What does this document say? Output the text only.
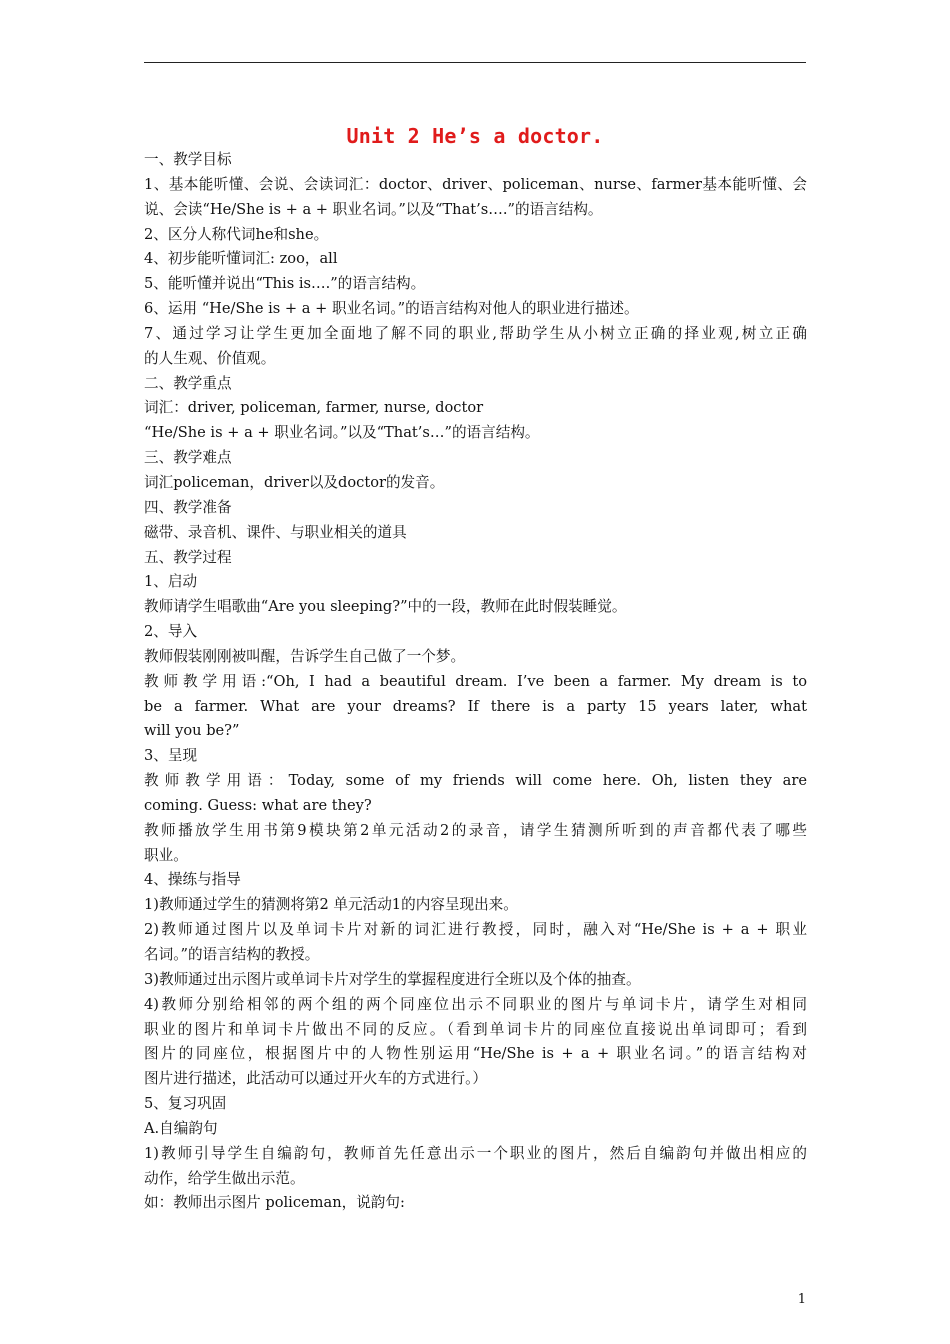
Unit 2 He’s a doctor.
一、教学目标
1、基本能听懂、会说、会读词汇：doctor、driver、policeman、nurse、farmer基本能听懂、会
说、会读“He/She is + a + 职业名词。”以及“That’s….”的语言结构。
2、区分人称代词he和she。
4、初步能听懂词汇: zoo，all
5、能听懂并说出“This is….”的语言结构。
6、运用 “He/She is + a + 职业名词。”的语言结构对他人的职业进行描述。
7、通过学习让学生更加全面地了解不同的职业,帮助学生从小树立正确的择业观,树立正确
的人生观、价值观。
二、教学重点
词汇：driver, policeman, farmer, nurse, doctor
“He/She is + a + 职业名词。”以及“That’s…”的语言结构。
三、教学难点
词汇policeman，driver以及doctor的发音。
四、教学准备
磁带、录音机、课件、与职业相关的道具
五、教学过程
1、启动
教师请学生唱歌曲“Are you sleeping?”中的一段，教师在此时假装睡觉。
2、导入
教师假装刚刚被叫醒，告诉学生自己做了一个梦。
教师教学用语:“Oh, I had a beautiful dream. I’ve been a farmer. My dream is to
be a farmer. What are your dreams? If there is a party 15 years later, what
will you be?”
3、呈现
教师教学用语：Today, some of my friends will come here. Oh, listen they are
coming. Guess: what are they?
教师播放学生用书第9模块第2单元活动2的录音，请学生猜测所听到的声音都代表了哪些
职业。
4、操练与指导
1)教师通过学生的猜测将第2 单元活动1的内容呈现出来。
2)教师通过图片以及单词卡片对新的词汇进行教授，同时，融入对“He/She is + a + 职业
名词。”的语言结构的教授。
3)教师通过出示图片或单词卡片对学生的掌握程度进行全班以及个体的抽查。
4)教师分别给相邻的两个组的两个同座位出示不同职业的图片与单词卡片，请学生对相同
职业的图片和单词卡片做出不同的反应。（看到单词卡片的同座位直接说出单词即可；看到
图片的同座位，根据图片中的人物性别运用“He/She is + a + 职业名词。”的语言结构对
图片进行描述，此活动可以通过开火车的方式进行。）
5、复习巩固
A.自编韵句
1)教师引导学生自编韵句，教师首先任意出示一个职业的图片，然后自编韵句并做出相应的
动作，给学生做出示范。
如：教师出示图片 policeman，说韵句:
1
